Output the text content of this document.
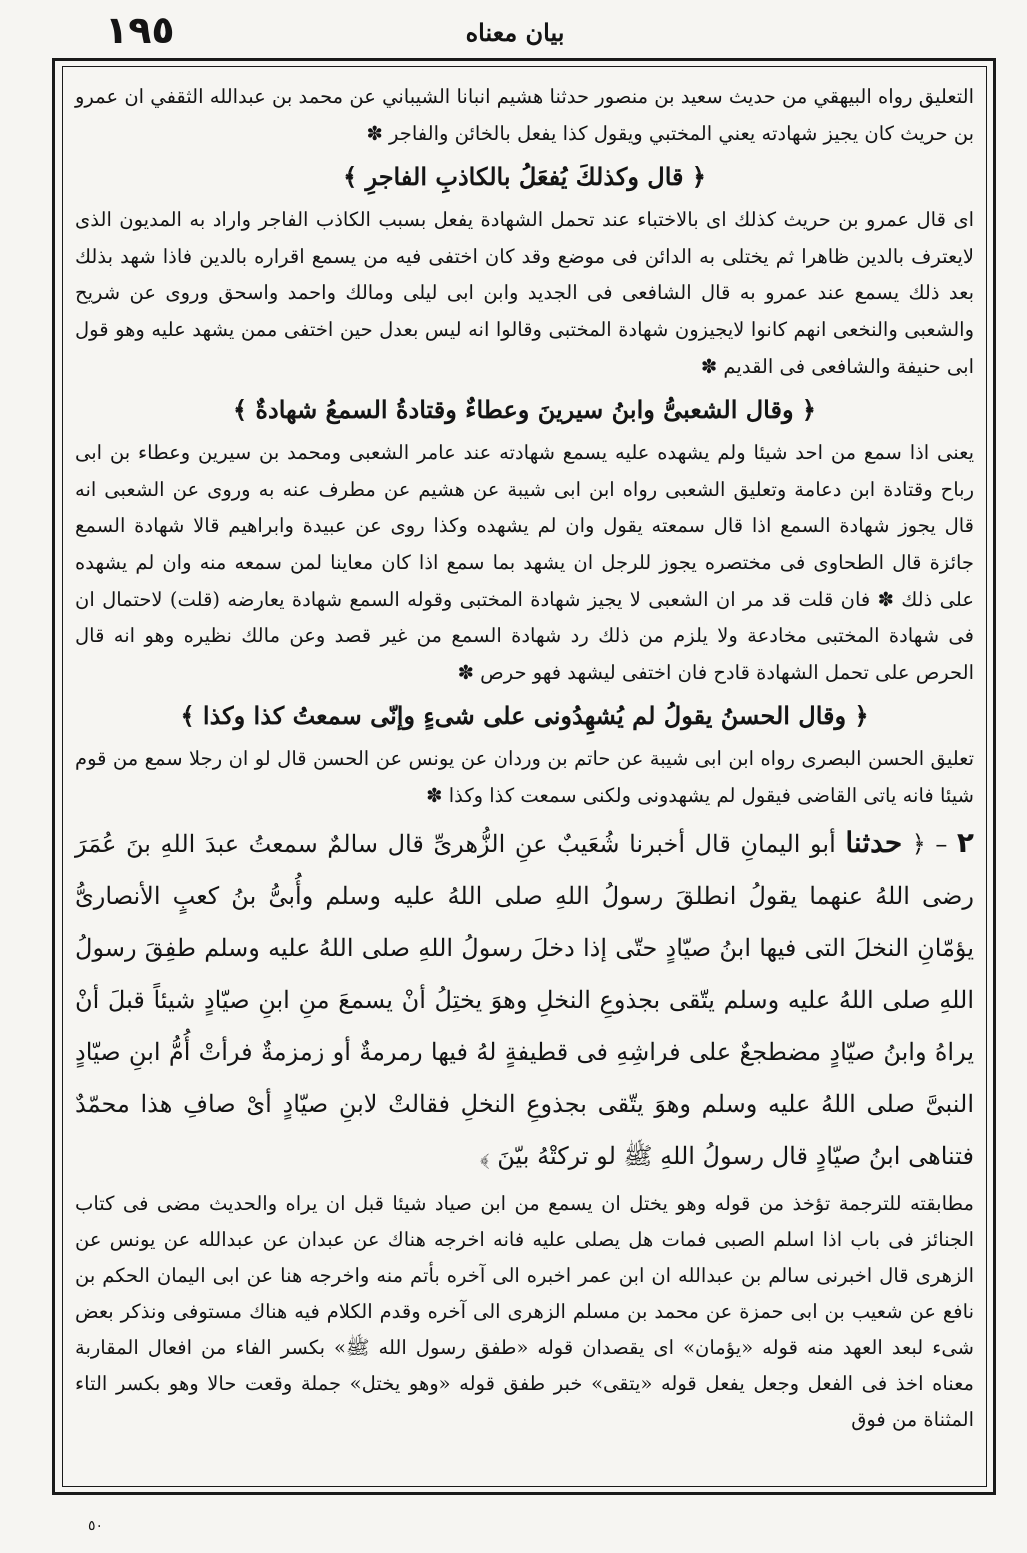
١٩٥	بیان معناه

التعليق رواه البيهقي من حديث سعيد بن منصور حدثنا هشيم انبانا الشيباني عن محمد بن عبدالله الثقفي ان عمرو بن حريث كان يجيز شهادته يعني المختبي ويقول كذا يفعل بالخائن والفاجر ✽

﴿ قال وكذلكَ يُفعَلُ بالكاذبِ الفاجرِ ﴾

اى قال عمرو بن حريث كذلك اى بالاختباء عند تحمل الشهادة يفعل بسبب الكاذب الفاجر واراد به المديون الذى لايعترف بالدين ظاهرا ثم يختلى به الدائن فى موضع وقد كان اختفى فيه من يسمع اقراره بالدين فاذا شهد بذلك بعد ذلك يسمع عند عمرو به قال الشافعى فى الجديد وابن ابى ليلى ومالك واحمد واسحق وروى عن شريح والشعبى والنخعى انهم كانوا لايجيزون شهادة المختبى وقالوا انه ليس بعدل حين اختفى ممن يشهد عليه وهو قول ابى حنيفة والشافعى فى القديم ✽

﴿ وقال الشعبىُّ وابنُ سيرينَ وعطاءٌ وقتادةُ السمعُ شهادةٌ ﴾

يعنى اذا سمع من احد شيئا ولم يشهده عليه يسمع شهادته عند عامر الشعبى ومحمد بن سيرين وعطاء بن ابى رباح وقتادة ابن دعامة وتعليق الشعبى رواه ابن ابى شيبة عن هشيم عن مطرف عنه به وروى عن الشعبى انه قال يجوز شهادة السمع اذا قال سمعته يقول وان لم يشهده وكذا روى عن عبيدة وابراهيم قالا شهادة السمع جائزة قال الطحاوى فى مختصره يجوز للرجل ان يشهد بما سمع اذا كان معاينا لمن سمعه منه وان لم يشهده على ذلك ✽ فان قلت قد مر ان الشعبى لا يجيز شهادة المختبى وقوله السمع شهادة يعارضه (قلت) لاحتمال ان فى شهادة المختبى مخادعة ولا يلزم من ذلك رد شهادة السمع من غير قصد وعن مالك نظيره وهو انه قال الحرص على تحمل الشهادة قادح فان اختفى ليشهد فهو حرص ✽

﴿ وقال الحسنُ يقولُ لم يُشهِدُونى على شىءٍ وإنّى سمعتُ كذا وكذا ﴾

تعليق الحسن البصرى رواه ابن ابى شيبة عن حاتم بن وردان عن يونس عن الحسن قال لو ان رجلا سمع من قوم شيئا فانه ياتى القاضى فيقول لم يشهدونى ولكنى سمعت كذا وكذا ✽

٢ – ﴿ حدثنا أبو اليمانِ قال أخبرنا شُعَيبٌ عنِ الزُّهرىِّ قال سالمٌ سمعتُ عبدَ اللهِ بنَ عُمَرَ رضى اللهُ عنهما يقولُ انطلقَ رسولُ اللهِ صلى اللهُ عليه وسلم وأُبىُّ بنُ كعبٍ الأنصارىُّ يؤمّانِ النخلَ التى فيها ابنُ صيّادٍ حتّى إذا دخلَ رسولُ اللهِ صلى اللهُ عليه وسلم طفِقَ رسولُ اللهِ صلى اللهُ عليه وسلم يتّقى بجذوعِ النخلِ وهوَ يختِلُ أنْ يسمعَ منِ ابنِ صيّادٍ شيئاً قبلَ أنْ يراهُ وابنُ صيّادٍ مضطجعٌ على فراشِهِ فى قطيفةٍ لهُ فيها رمرمةٌ أو زمزمةٌ فرأتْ أُمُّ ابنِ صيّادٍ النبىَّ صلى اللهُ عليه وسلم وهوَ يتّقى بجذوعِ النخلِ فقالتْ لابنِ صيّادٍ أىْ صافِ هذا محمّدٌ فتناهى ابنُ صيّادٍ قال رسولُ اللهِ ﷺ لو تركتْهُ بيّنَ ﴾

مطابقته للترجمة تؤخذ من قوله وهو يختل ان يسمع من ابن صياد شيئا قبل ان يراه والحديث مضى فى كتاب الجنائز فى باب اذا اسلم الصبى فمات هل يصلى عليه فانه اخرجه هناك عن عبدان عن عبدالله عن يونس عن الزهرى قال اخبرنى سالم بن عبدالله ان ابن عمر اخبره الى آخره بأتم منه واخرجه هنا عن ابى اليمان الحكم بن نافع عن شعيب بن ابى حمزة عن محمد بن مسلم الزهرى الى آخره وقدم الكلام فيه هناك مستوفى ونذكر بعض شىء لبعد العهد منه قوله «يؤمان» اى يقصدان قوله «طفق رسول الله ﷺ» بكسر الفاء من افعال المقاربة معناه اخذ فى الفعل وجعل يفعل قوله «يتقى» خبر طفق قوله «وهو يختل» جملة وقعت حالا وهو بكسر التاء المثناة من فوق

٥٠
